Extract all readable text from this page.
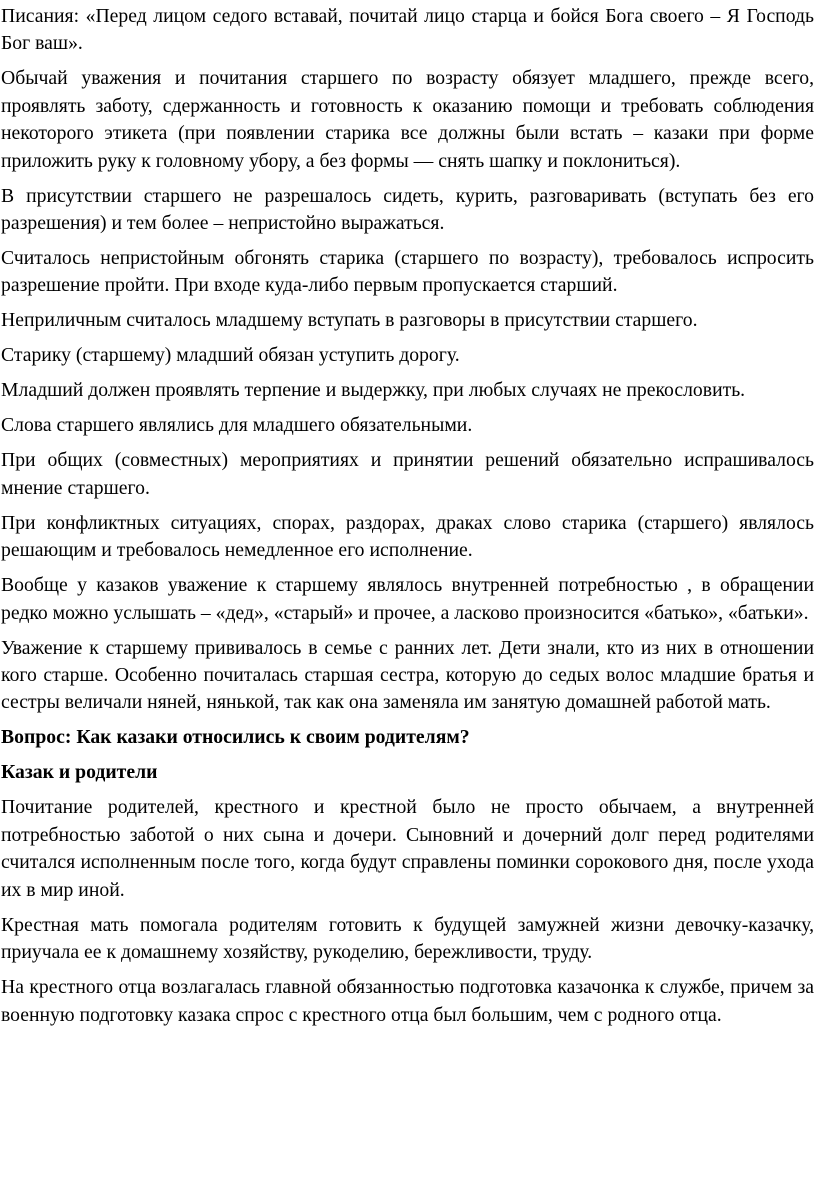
Писания: «Перед лицом седого вставай, почитай лицо старца и бойся Бога своего – Я Господь Бог ваш».

Обычай уважения и почитания старшего по возрасту обязует младшего, прежде всего, проявлять заботу, сдержанность и готовность к оказанию помощи и требовать соблюдения некоторого этикета (при появлении старика все должны были встать – казаки при форме приложить руку к головному убору, а без формы — снять шапку и поклониться).

В присутствии старшего не разрешалось сидеть, курить, разговаривать (вступать без его разрешения) и тем более – непристойно выражаться.

Считалось непристойным обгонять старика (старшего по возрасту), требовалось испросить разрешение пройти. При входе куда-либо первым пропускается старший.

Неприличным считалось младшему вступать в разговоры в присутствии старшего.

Старику (старшему) младший обязан уступить дорогу.

Младший должен проявлять терпение и выдержку, при любых случаях не прекословить.

Слова старшего являлись для младшего обязательными.

При общих (совместных) мероприятиях и принятии решений обязательно испрашивалось мнение старшего.

При конфликтных ситуациях, спорах, раздорах, драках слово старика (старшего) являлось решающим и требовалось немедленное его исполнение.

Вообще у казаков уважение к старшему являлось внутренней потребностью , в обращении редко можно услышать – «дед», «старый» и прочее, а ласково произносится «батько», «батьки».

Уважение к старшему прививалось в семье с ранних лет. Дети знали, кто из них в отношении кого старше. Особенно почиталась старшая сестра, которую до седых волос младшие братья и сестры величали няней, нянькой, так как она заменяла им занятую домашней работой мать.

Вопрос: Как казаки относились к своим родителям?

Казак и родители

Почитание родителей, крестного и крестной было не просто обычаем, а внутренней потребностью заботой о них сына и дочери. Сыновний и дочерний долг перед родителями считался исполненным после того, когда будут справлены поминки сорокового дня, после ухода их в мир иной.

Крестная мать помогала родителям готовить к будущей замужней жизни девочку-казачку, приучала ее к домашнему хозяйству, рукоделию, бережливости, труду.

На крестного отца возлагалась главной обязанностью подготовка казачонка к службе, причем за военную подготовку казака спрос с крестного отца был большим, чем с родного отца.
